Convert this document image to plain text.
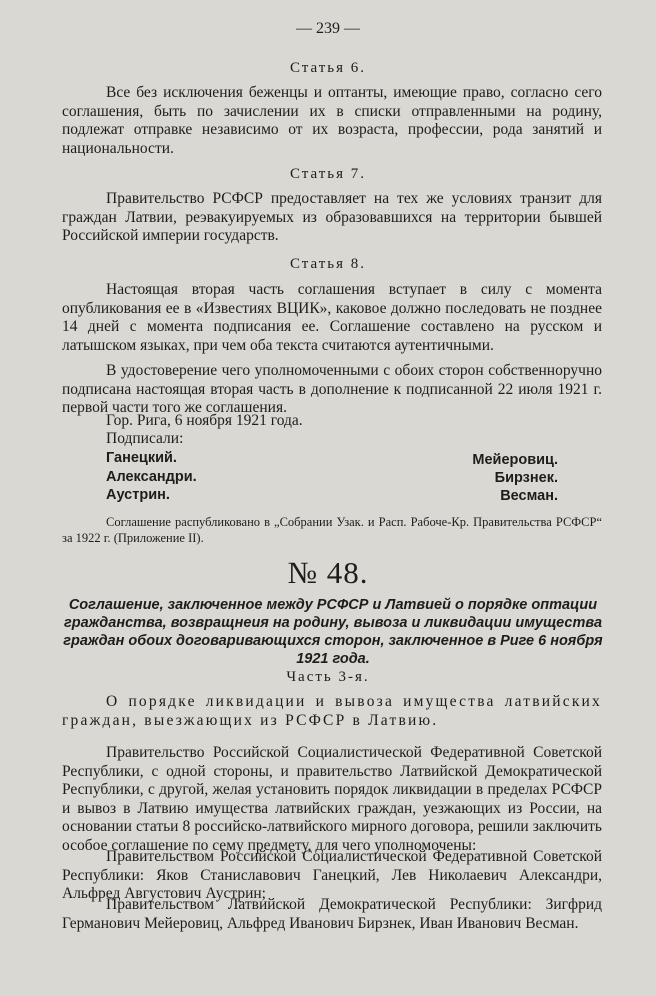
— 239 —
Статья 6.

Все без исключения беженцы и оптанты, имеющие право, согласно сего соглашения, быть по зачислении их в списки отправленными на родину, подлежат отправке независимо от их возраста, профессии, рода занятий и национальности.

Статья 7.

Правительство РСФСР предоставляет на тех же условиях транзит для граждан Латвии, реэвакуируемых из образовавшихся на территории бывшей Российской империи государств.

Статья 8.

Настоящая вторая часть соглашения вступает в силу с момента опубликования ее в «Известиях ВЦИК», каковое должно последовать не позднее 14 дней с момента подписания ее. Соглашение составлено на русском и латышском языках, при чем оба текста считаются аутентичными.

В удостоверение чего уполномоченными с обоих сторон собственноручно подписана настоящая вторая часть в дополнение к подписанной 22 июля 1921 г. первой части того же соглашения.

Гор. Рига, 6 ноября 1921 года.
Подписали:
Ганецкий.
Александри.
Аустрин.
Мейеровиц.
Бирзнек.
Весман.

Соглашение распубликовано в „Собрании Узак. и Расп. Рабоче-Кр. Правительства РСФСР“ за 1922 г. (Приложение II).

№ 48.

Соглашение, заключенное между РСФСР и Латвией о порядке оптации гражданства, возвращнеия на родину, вывоза и ликвидации имущества граждан обоих договаривающихся сторон, заключенное в Риге 6 ноября 1921 года.

Часть 3-я.

О порядке ликвидации и вывоза имущества латвийских граждан, выезжающих из РСФСР в Латвию.

Правительство Российской Социалистической Федеративной Советской Республики, с одной стороны, и правительство Латвийской Демократической Республики, с другой, желая установить порядок ликвидации в пределах РСФСР и вывоз в Латвию имущества латвийских граждан, уезжающих из России, на основании статьи 8 российско-латвийского мирного договора, решили заключить особое соглашение по сему предмету, для чего уполномочены:

Правительством Российской Социалистической Федеративной Советской Республики: Яков Станиславович Ганецкий, Лев Николаевич Александри, Альфред Августович Аустрин;

Правительством Латвийской Демократической Республики: Зигфрид Германович Мейеровиц, Альфред Иванович Бирзнек, Иван Иванович Весман.
